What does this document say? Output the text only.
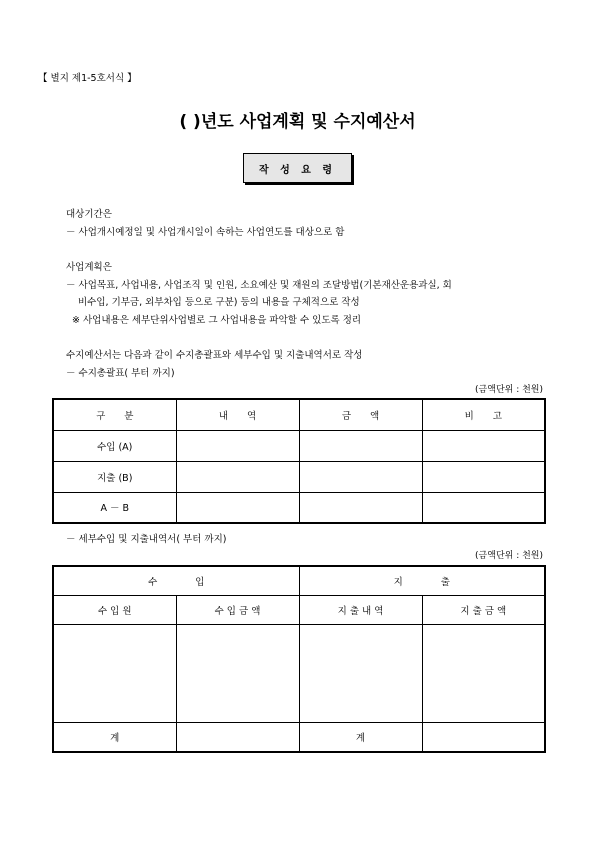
【 별지 제1-5호서식 】
( )년도 사업계획 및 수지예산서
작 성 요 령
대상기간은
－ 사업개시예정일 및 사업개시일이 속하는 사업연도를 대상으로 함
사업계획은
－ 사업목표, 사업내용, 사업조직 및 인원, 소요예산 및 재원의 조달방법(기본재산운용과실, 회
비수입, 기부금, 외부차입 등으로 구분) 등의 내용을 구체적으로 작성
※ 사업내용은 세부단위사업별로 그 사업내용을 파악할 수 있도록 정리
수지예산서는 다음과 같이 수지총괄표와 세부수입 및 지출내역서로 작성
－ 수지총괄표( 부터 까지)
(금액단위 : 천원)
구　　분	내　　역	금　　액	비　　고
수입 (A)			
지출 (B)			
A － B			
－ 세부수입 및 지출내역서( 부터 까지)
(금액단위 : 천원)
수　　　　입		지　　　　출	
수 입 원	수 입 금 액	지 출 내 역	지 출 금 액

계		계	
